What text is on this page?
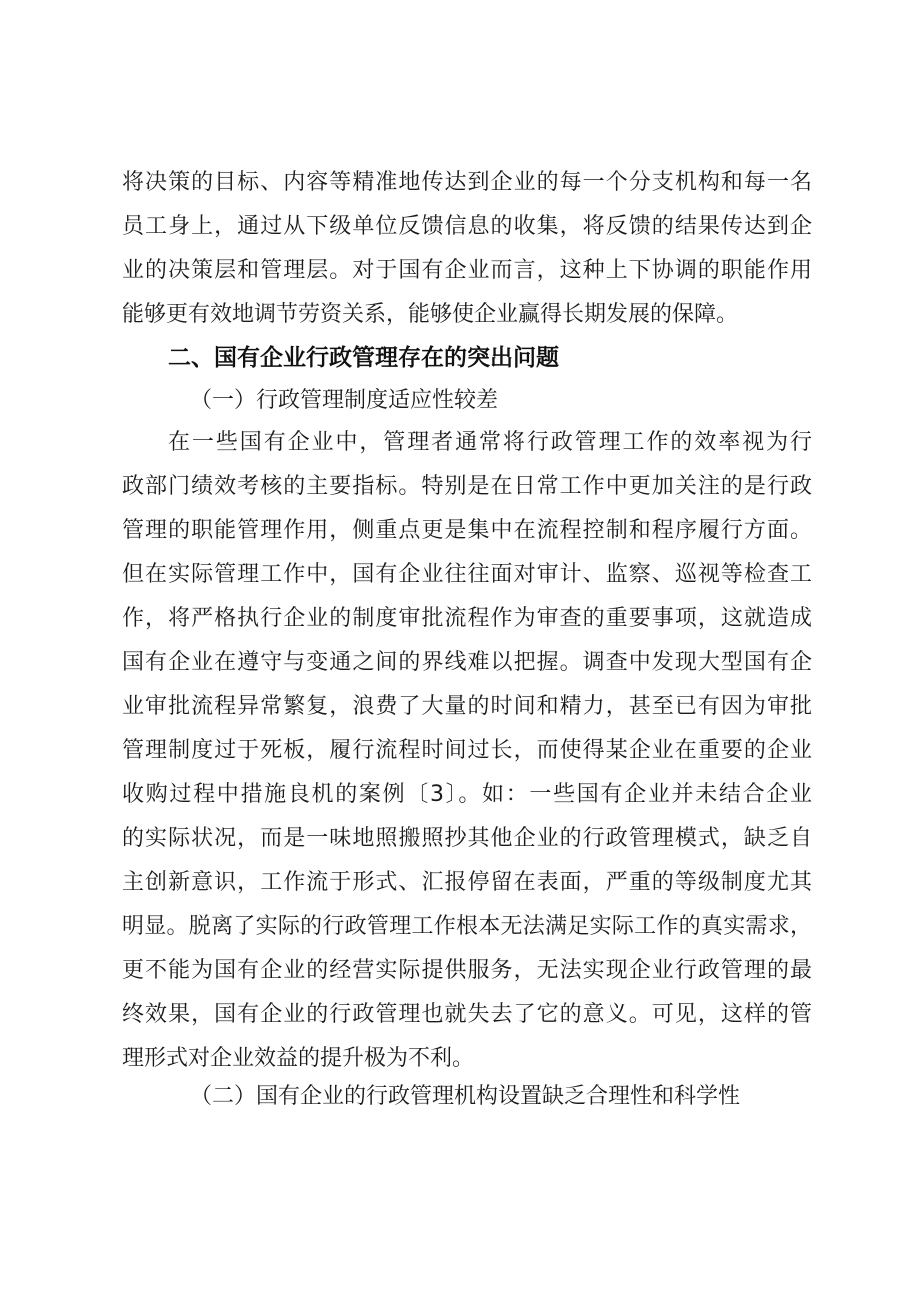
将决策的目标、内容等精准地传达到企业的每一个分支机构和每一名
员工身上，通过从下级单位反馈信息的收集，将反馈的结果传达到企
业的决策层和管理层。对于国有企业而言，这种上下协调的职能作用
能够更有效地调节劳资关系，能够使企业赢得长期发展的保障。
二、国有企业行政管理存在的突出问题
（一）行政管理制度适应性较差
在一些国有企业中，管理者通常将行政管理工作的效率视为行
政部门绩效考核的主要指标。特别是在日常工作中更加关注的是行政
管理的职能管理作用，侧重点更是集中在流程控制和程序履行方面。
但在实际管理工作中，国有企业往往面对审计、监察、巡视等检查工
作，将严格执行企业的制度审批流程作为审查的重要事项，这就造成
国有企业在遵守与变通之间的界线难以把握。调查中发现大型国有企
业审批流程异常繁复，浪费了大量的时间和精力，甚至已有因为审批
管理制度过于死板，履行流程时间过长，而使得某企业在重要的企业
收购过程中措施良机的案例〔3〕。如：一些国有企业并未结合企业
的实际状况，而是一味地照搬照抄其他企业的行政管理模式，缺乏自
主创新意识，工作流于形式、汇报停留在表面，严重的等级制度尤其
明显。脱离了实际的行政管理工作根本无法满足实际工作的真实需求，
更不能为国有企业的经营实际提供服务，无法实现企业行政管理的最
终效果，国有企业的行政管理也就失去了它的意义。可见，这样的管
理形式对企业效益的提升极为不利。
（二）国有企业的行政管理机构设置缺乏合理性和科学性
